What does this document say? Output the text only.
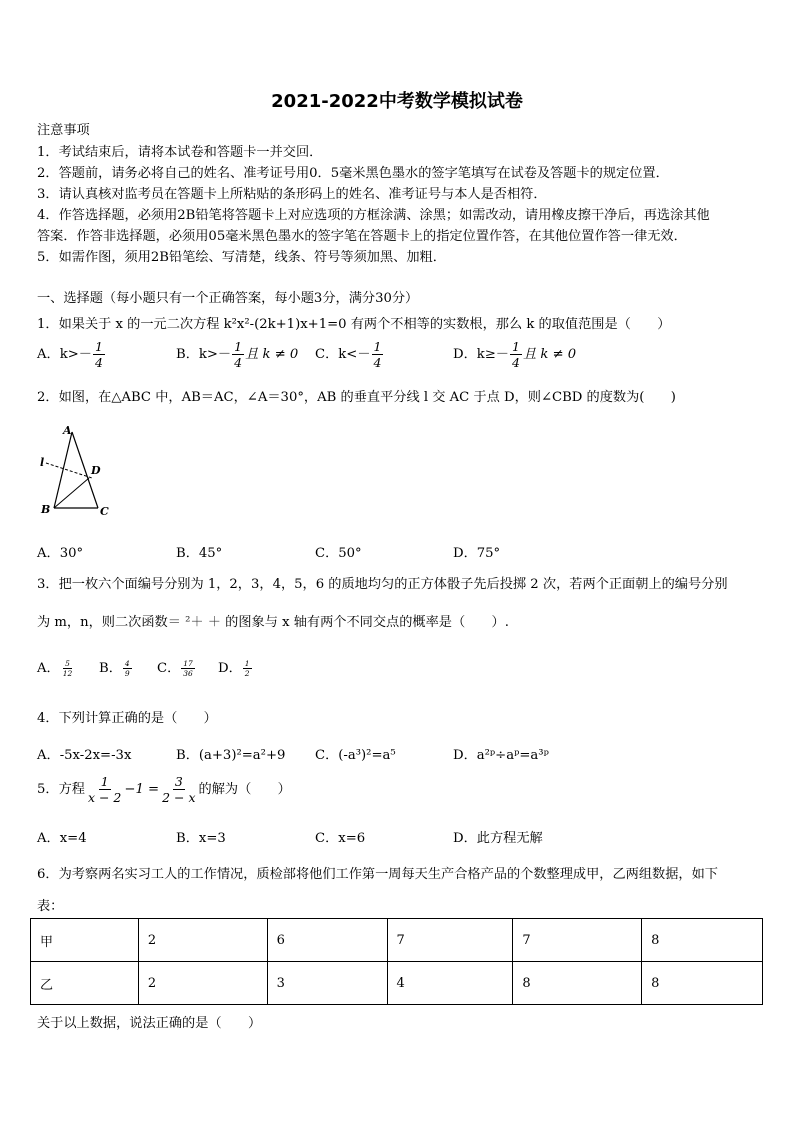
2021-2022中考数学模拟试卷
注意事项
1．考试结束后，请将本试卷和答题卡一并交回．
2．答题前，请务必将自己的姓名、准考证号用0．5毫米黑色墨水的签字笔填写在试卷及答题卡的规定位置．
3．请认真核对监考员在答题卡上所粘贴的条形码上的姓名、准考证号与本人是否相符．
4．作答选择题，必须用2B铅笔将答题卡上对应选项的方框涂满、涂黑；如需改动，请用橡皮擦干净后，再选涂其他
答案．作答非选择题，必须用05毫米黑色墨水的签字笔在答题卡上的指定位置作答，在其他位置作答一律无效．
5．如需作图，须用2B铅笔绘、写清楚，线条、符号等须加黑、加粗．
一、选择题（每小题只有一个正确答案，每小题3分，满分30分）
1．如果关于 x 的一元二次方程 k²x²-(2k+1)x+1=0 有两个不相等的实数根，那么 k 的取值范围是（　　）
A．$k>- \frac{1}{4}$	B．$k>- \frac{1}{4}$ 且 k ≠ 0 C．$k<- \frac{1}{4}$	D．$k\ge- \frac{1}{4}$ 且 k ≠ 0
2．如图，在△ABC 中，AB＝AC，∠A＝30°，AB 的垂直平分线 l 交 AC 于点 D，则∠CBD 的度数为(　　)
A
l
D
B	C
A．30°	B．45°	C．50°	D．75°
3．把一枚六个面编号分别为 1，2，3，4，5，6 的质地均匀的正方体骰子先后投掷 2 次，若两个正面朝上的编号分别
为 m，n，则二次函数＝ ²＋ ＋ 的图象与 x 轴有两个不同交点的概率是（　　）.
A． $\frac{5}{12}$ B． $\frac{4}{9}$ C． $\frac{17}{36}$ D． $\frac{1}{2}$
4．下列计算正确的是（　　）
A．-5x-2x=-3x	B．(a+3)²=a²+9 C．(-a³)²=a⁵	D．a²ᵖ÷aᵖ=a³ᵖ
5．方程 $\frac{1}{x - 2} -1 = \frac{3}{2 - x}$ 的解为（　　）
A．x=4	B．x=3	C．x=6	D．此方程无解
6．为考察两名实习工人的工作情况，质检部将他们工作第一周每天生产合格产品的个数整理成甲，乙两组数据，如下
表：
甲	2	6	7	7	8
乙	2	3	4	8	8
关于以上数据，说法正确的是（　　）
